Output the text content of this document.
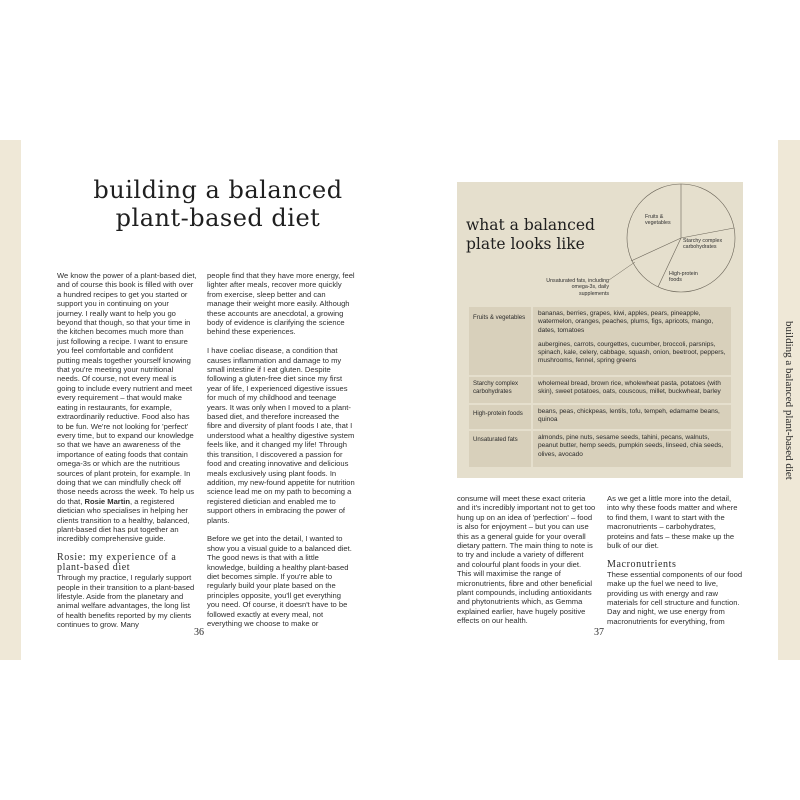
building a balanced plant-based diet
building a balanced
plant-based diet

We know the power of a plant-based diet, and of course this book is filled with over a hundred recipes to get you started or support you in continuing on your journey. I really want to help you go beyond that though, so that your time in the kitchen becomes much more than just following a recipe. I want to ensure you feel comfortable and confident putting meals together yourself knowing that you're meeting your nutritional needs. Of course, not every meal is going to include every nutrient and meet every requirement – that would make eating in restaurants, for example, extraordinarily reductive. Food also has to be fun. We're not looking for 'perfect' every time, but to expand our knowledge so that we have an awareness of the importance of eating foods that contain omega-3s or which are the nutritious sources of plant protein, for example. In doing that we can mindfully check off those needs across the week. To help us do that, Rosie Martin, a registered dietician who specialises in helping her clients transition to a healthy, balanced, plant-based diet has put together an incredibly comprehensive guide.

Rosie: my experience of a plant-based diet

Through my practice, I regularly support people in their transition to a plant-based lifestyle. Aside from the planetary and animal welfare advantages, the long list of health benefits reported by my clients continues to grow. Many

people find that they have more energy, feel lighter after meals, recover more quickly from exercise, sleep better and can manage their weight more easily. Although these accounts are anecdotal, a growing body of evidence is clarifying the science behind these experiences.

I have coeliac disease, a condition that causes inflammation and damage to my small intestine if I eat gluten. Despite following a gluten-free diet since my first year of life, I experienced digestive issues for much of my childhood and teenage years. It was only when I moved to a plant-based diet, and therefore increased the fibre and diversity of plant foods I ate, that I understood what a healthy digestive system feels like, and it changed my life! Through this transition, I discovered a passion for food and creating innovative and delicious meals exclusively using plant foods. In addition, my new-found appetite for nutrition science lead me on my path to becoming a registered dietician and enabled me to support others in embracing the power of plants.

Before we get into the detail, I wanted to show you a visual guide to a balanced diet. The good news is that with a little knowledge, building a healthy plant-based diet becomes simple. If you're able to regularly build your plate based on the principles opposite, you'll get everything you need. Of course, it doesn't have to be followed exactly at every meal, not everything we choose to make or

36
what a balanced
plate looks like
Fruits & vegetables
Starchy complex carbohydrates
High-protein foods
Unsaturated fats, including omega-3s, daily supplements
Fruits & vegetables

bananas, berries, grapes, kiwi, apples, pears, pineapple, watermelon, oranges, peaches, plums, figs, apricots, mango, dates, tomatoes

aubergines, carrots, courgettes, cucumber, broccoli, parsnips, spinach, kale, celery, cabbage, squash, onion, beetroot, peppers, mushrooms, fennel, spring greens

Starchy complex carbohydrates
wholemeal bread, brown rice, wholewheat pasta, potatoes (with skin), sweet potatoes, oats, couscous, millet, buckwheat, barley
High-protein foods	beans, peas, chickpeas, lentils, tofu, tempeh, edamame beans, quinoa
Unsaturated fats	almonds, pine nuts, sesame seeds, tahini, pecans, walnuts, peanut butter, hemp seeds, pumpkin seeds, linseed, chia seeds, olives, avocado

consume will meet these exact criteria and it's incredibly important not to get too hung up on an idea of 'perfection' – food is also for enjoyment – but you can use this as a general guide for your overall dietary pattern. The main thing to note is to try and include a variety of different and colourful plant foods in your diet. This will maximise the range of micronutrients, fibre and other beneficial plant compounds, including antioxidants and phytonutrients which, as Gemma explained earlier, have hugely positive effects on our health.

As we get a little more into the detail, into why these foods matter and where to find them, I want to start with the macronutrients – carbohydrates, proteins and fats – these make up the bulk of our diet.

Macronutrients

These essential components of our food make up the fuel we need to live, providing us with energy and raw materials for cell structure and function. Day and night, we use energy from macronutrients for everything, from

37
